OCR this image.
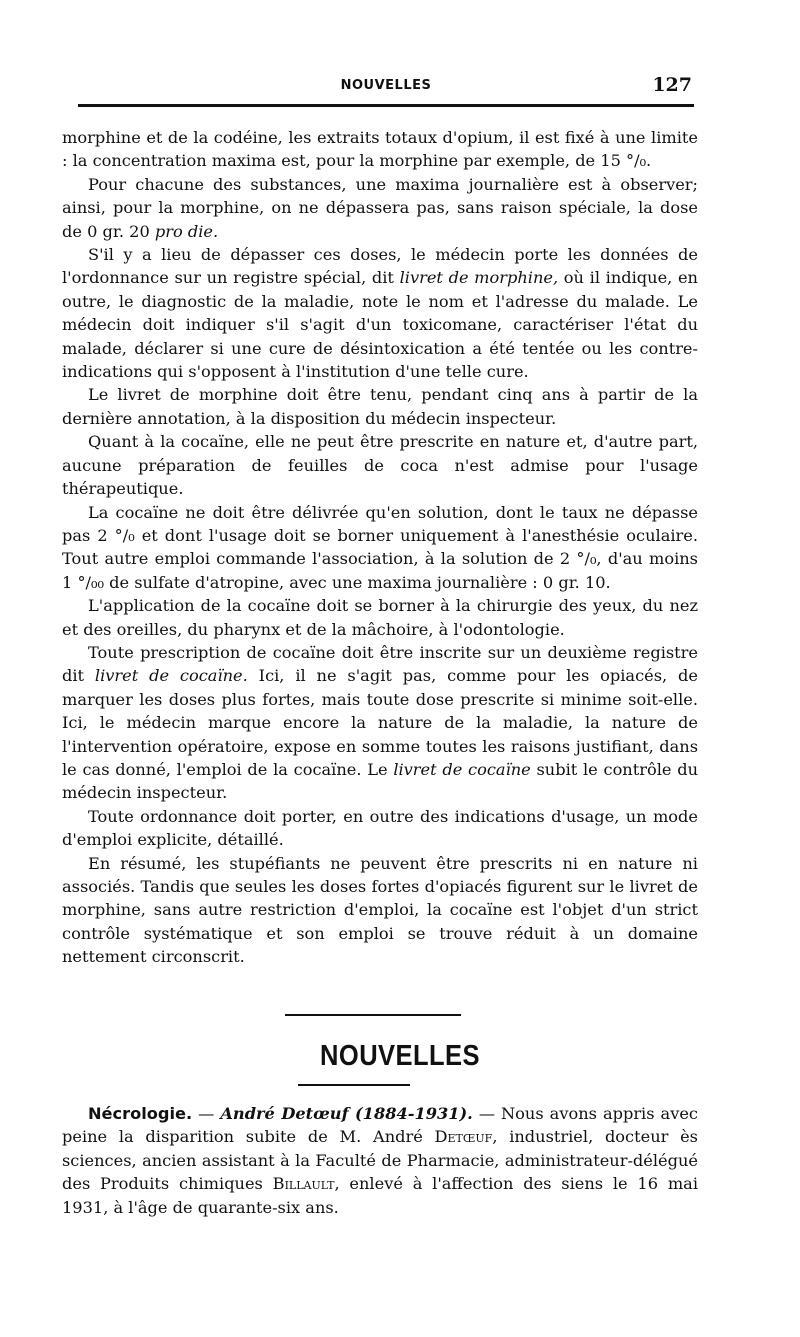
NOUVELLES	127

morphine et de la codéine, les extraits totaux d'opium, il est fixé à une limite : la concentration maxima est, pour la morphine par exemple, de 15 °/₀.

Pour chacune des substances, une maxima journalière est à observer; ainsi, pour la morphine, on ne dépassera pas, sans raison spéciale, la dose de 0 gr. 20 pro die.

S'il y a lieu de dépasser ces doses, le médecin porte les données de l'ordonnance sur un registre spécial, dit livret de morphine, où il indique, en outre, le diagnostic de la maladie, note le nom et l'adresse du malade. Le médecin doit indiquer s'il s'agit d'un toxicomane, caractériser l'état du malade, déclarer si une cure de désintoxication a été tentée ou les contre-indications qui s'opposent à l'institution d'une telle cure.

Le livret de morphine doit être tenu, pendant cinq ans à partir de la dernière annotation, à la disposition du médecin inspecteur.

Quant à la cocaïne, elle ne peut être prescrite en nature et, d'autre part, aucune préparation de feuilles de coca n'est admise pour l'usage thérapeutique.

La cocaïne ne doit être délivrée qu'en solution, dont le taux ne dépasse pas 2 °/₀ et dont l'usage doit se borner uniquement à l'anesthésie oculaire. Tout autre emploi commande l'association, à la solution de 2 °/₀, d'au moins 1 °/₀₀ de sulfate d'atropine, avec une maxima journalière : 0 gr. 10.

L'application de la cocaïne doit se borner à la chirurgie des yeux, du nez et des oreilles, du pharynx et de la mâchoire, à l'odontologie.

Toute prescription de cocaïne doit être inscrite sur un deuxième registre dit livret de cocaïne. Ici, il ne s'agit pas, comme pour les opiacés, de marquer les doses plus fortes, mais toute dose prescrite si minime soit-elle. Ici, le médecin marque encore la nature de la maladie, la nature de l'intervention opératoire, expose en somme toutes les raisons justifiant, dans le cas donné, l'emploi de la cocaïne. Le livret de cocaïne subit le contrôle du médecin inspecteur.

Toute ordonnance doit porter, en outre des indications d'usage, un mode d'emploi explicite, détaillé.

En résumé, les stupéfiants ne peuvent être prescrits ni en nature ni associés. Tandis que seules les doses fortes d'opiacés figurent sur le livret de morphine, sans autre restriction d'emploi, la cocaïne est l'objet d'un strict contrôle systématique et son emploi se trouve réduit à un domaine nettement circonscrit.

NOUVELLES

Nécrologie. — André Detœuf (1884-1931). — Nous avons appris avec peine la disparition subite de M. André Detœuf, industriel, docteur ès sciences, ancien assistant à la Faculté de Pharmacie, administrateur-délégué des Produits chimiques Billault, enlevé à l'affection des siens le 16 mai 1931, à l'âge de quarante-six ans.
